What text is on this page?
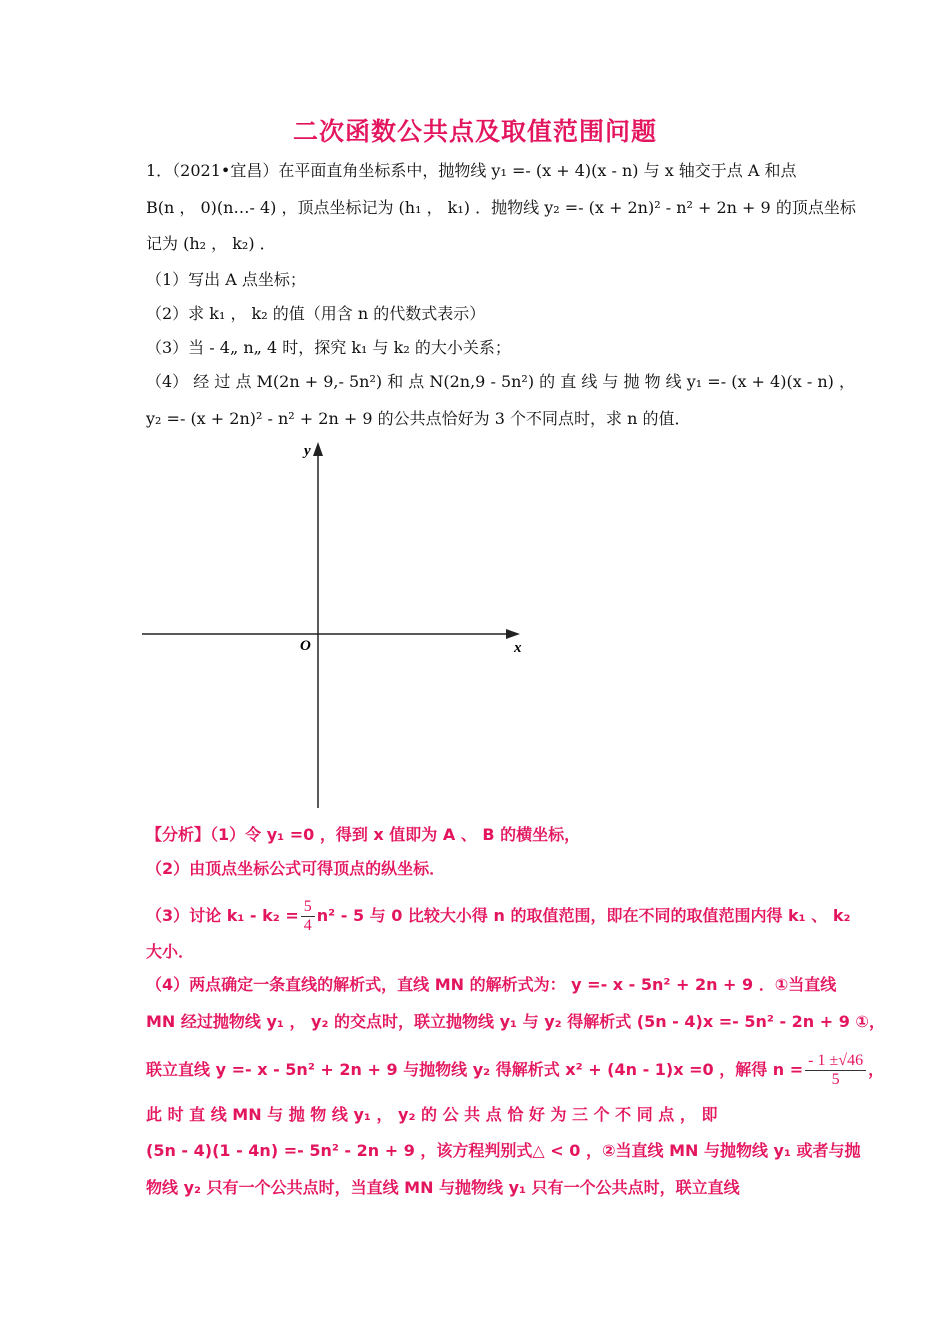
二次函数公共点及取值范围问题
1．（2021•宜昌）在平面直角坐标系中，抛物线 y₁ =- (x + 4)(x - n) 与 x 轴交于点 A 和点
B(n ， 0)(n…- 4) ，顶点坐标记为 (h₁ ， k₁) ．抛物线 y₂ =- (x + 2n)² - n² + 2n + 9 的顶点坐标
记为 (h₂ ， k₂) ．
（1）写出 A 点坐标；
（2）求 k₁ ， k₂ 的值（用含 n 的代数式表示）
（3）当 - 4„ n„ 4 时，探究 k₁ 与 k₂ 的大小关系；
（4） 经 过 点 M(2n + 9,- 5n²) 和 点 N(2n,9 - 5n²) 的 直 线 与 抛 物 线 y₁ =- (x + 4)(x - n) ，
y₂ =- (x + 2n)² - n² + 2n + 9 的公共点恰好为 3 个不同点时，求 n 的值．
y
x
O
【分析】（1）令 y₁ =0 ，得到 x 值即为 A 、 B 的横坐标，
（2）由顶点坐标公式可得顶点的纵坐标．
（3）讨论 $k_1 - k_2 = \frac{5}{4} n^2 - 5$ 与 0 比较大小得 n 的取值范围，即在不同的取值范围内得 k₁ 、 k₂
大小．
（4）两点确定一条直线的解析式，直线 MN 的解析式为： y =- x - 5n² + 2n + 9 ．①当直线
MN 经过抛物线 y₁ ， y₂ 的交点时，联立抛物线 y₁ 与 y₂ 得解析式 (5n - 4)x =- 5n² - 2n + 9 ①，
联立直线 y =- x - 5n² + 2n + 9 与抛物线 y₂ 得解析式 x² + (4n - 1)x =0 ，解得 $n = \frac{- 1 \pm√46}{5}$ ，
此 时 直 线 MN 与 抛 物 线 y₁ ， y₂ 的 公 共 点 恰 好 为 三 个 不 同 点 ， 即
(5n - 4)(1 - 4n) =- 5n² - 2n + 9 ，该方程判别式△ < 0 ，②当直线 MN 与抛物线 y₁ 或者与抛
物线 y₂ 只有一个公共点时，当直线 MN 与抛物线 y₁ 只有一个公共点时，联立直线
